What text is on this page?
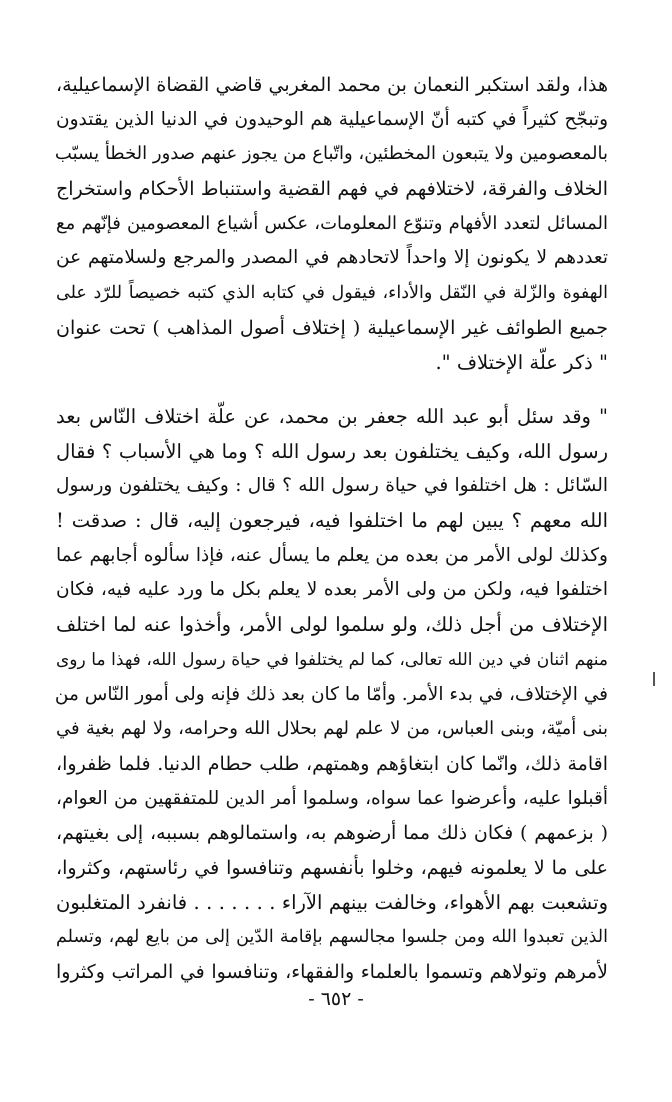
هذا، ولقد استكبر النعمان بن محمد المغربي قاضي القضاة الإسماعيلية،
وتبجّح كثيراً في كتبه أنّ الإسماعيلية هم الوحيدون في الدنيا الذين يقتدون
بالمعصومين ولا يتبعون المخطئين، واتّباع من يجوز عنهم صدور الخطأ يسبّب
الخلاف والفرقة، لاختلافهم في فهم القضية واستنباط الأحكام واستخراج
المسائل لتعدد الأفهام وتنوّع المعلومات، عكس أشياع المعصومين فإنّهم مع
تعددهم لا يكونون إلا واحداً لاتحادهم في المصدر والمرجع ولسلامتهم عن
الهفوة والزّلة في النّقل والأداء، فيقول في كتابه الذي كتبه خصيصاً للرّد على
جميع الطوائف غير الإسماعيلية ( إختلاف أصول المذاهب ) تحت عنوان
" ذكر علّة الإختلاف ".
" وقد سئل أبو عبد الله جعفر بن محمد، عن علّة اختلاف النّاس بعد
رسول الله، وكيف يختلفون بعد رسول الله ؟ وما هي الأسباب ؟ فقال
السّائل : هل اختلفوا في حياة رسول الله ؟ قال : وكيف يختلفون ورسول
الله معهم ؟ يبين لهم ما اختلفوا فيه، فيرجعون إليه، قال : صدقت !
وكذلك لولى الأمر من بعده من يعلم ما يسأل عنه، فإذا سألوه أجابهم عما
اختلفوا فيه، ولكن من ولى الأمر بعده لا يعلم بكل ما ورد عليه فيه، فكان
الإختلاف من أجل ذلك، ولو سلموا لولى الأمر، وأخذوا عنه لما اختلف
منهم اثنان في دين الله تعالى، كما لم يختلفوا في حياة رسول الله، فهذا ما روى
في الإختلاف، في بدء الأمر. وأمّا ما كان بعد ذلك فإنه ولى أمور النّاس من
بنى أميّة، وبنى العباس، من لا علم لهم بحلال الله وحرامه، ولا لهم بغية في
اقامة ذلك، وانّما كان ابتغاؤهم وهمتهم، طلب حطام الدنيا. فلما ظفروا،
أقبلوا عليه، وأعرضوا عما سواه، وسلموا أمر الدين للمتفقهين من العوام،
( بزعمهم ) فكان ذلك مما أرضوهم به، واستمالوهم بسببه، إلى بغيتهم،
على ما لا يعلمونه فيهم، وخلوا بأنفسهم وتنافسوا في رئاستهم، وكثروا،
وتشعبت بهم الأهواء، وخالفت بينهم الآراء . . . . . . . فانفرد المتغلبون
الذين تعبدوا الله ومن جلسوا مجالسهم بإقامة الدّين إلى من بايع لهم، وتسلم
لأمرهم وتولاهم وتسموا بالعلماء والفقهاء، وتنافسوا في المراتب وكثروا
- ٦٥٢ -
